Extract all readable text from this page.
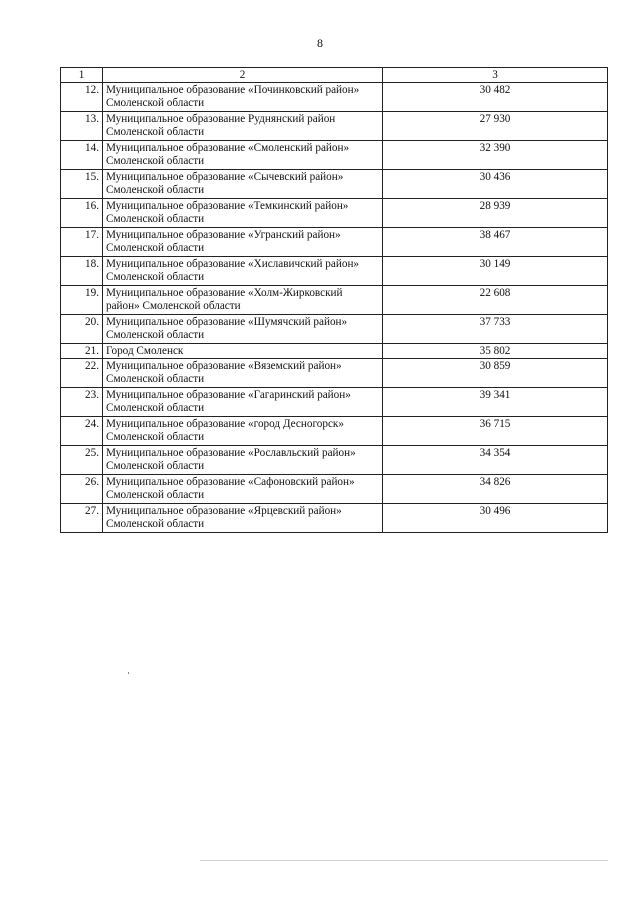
8
1	2	3
12.	Муниципальное образование «Починковский район» Смоленской области	30 482
13.	Муниципальное образование Руднянский район Смоленской области	27 930
14.	Муниципальное образование «Смоленский район» Смоленской области	32 390
15.	Муниципальное образование «Сычевский район» Смоленской области	30 436
16.	Муниципальное образование «Темкинский район» Смоленской области	28 939
17.	Муниципальное образование «Угранский район» Смоленской области	38 467
18.	Муниципальное образование «Хиславичский район» Смоленской области	30 149
19.	Муниципальное образование «Холм-Жирковский район» Смоленской области	22 608
20.	Муниципальное образование «Шумячский район» Смоленской области	37 733
21.	Город Смоленск	35 802
22.	Муниципальное образование «Вяземский район» Смоленской области	30 859
23.	Муниципальное образование «Гагаринский район» Смоленской области	39 341
24.	Муниципальное образование «город Десногорск» Смоленской области	36 715
25.	Муниципальное образование «Рославльский район» Смоленской области	34 354
26.	Муниципальное образование «Сафоновский район» Смоленской области	34 826
27.	Муниципальное образование «Ярцевский район» Смоленской области	30 496
